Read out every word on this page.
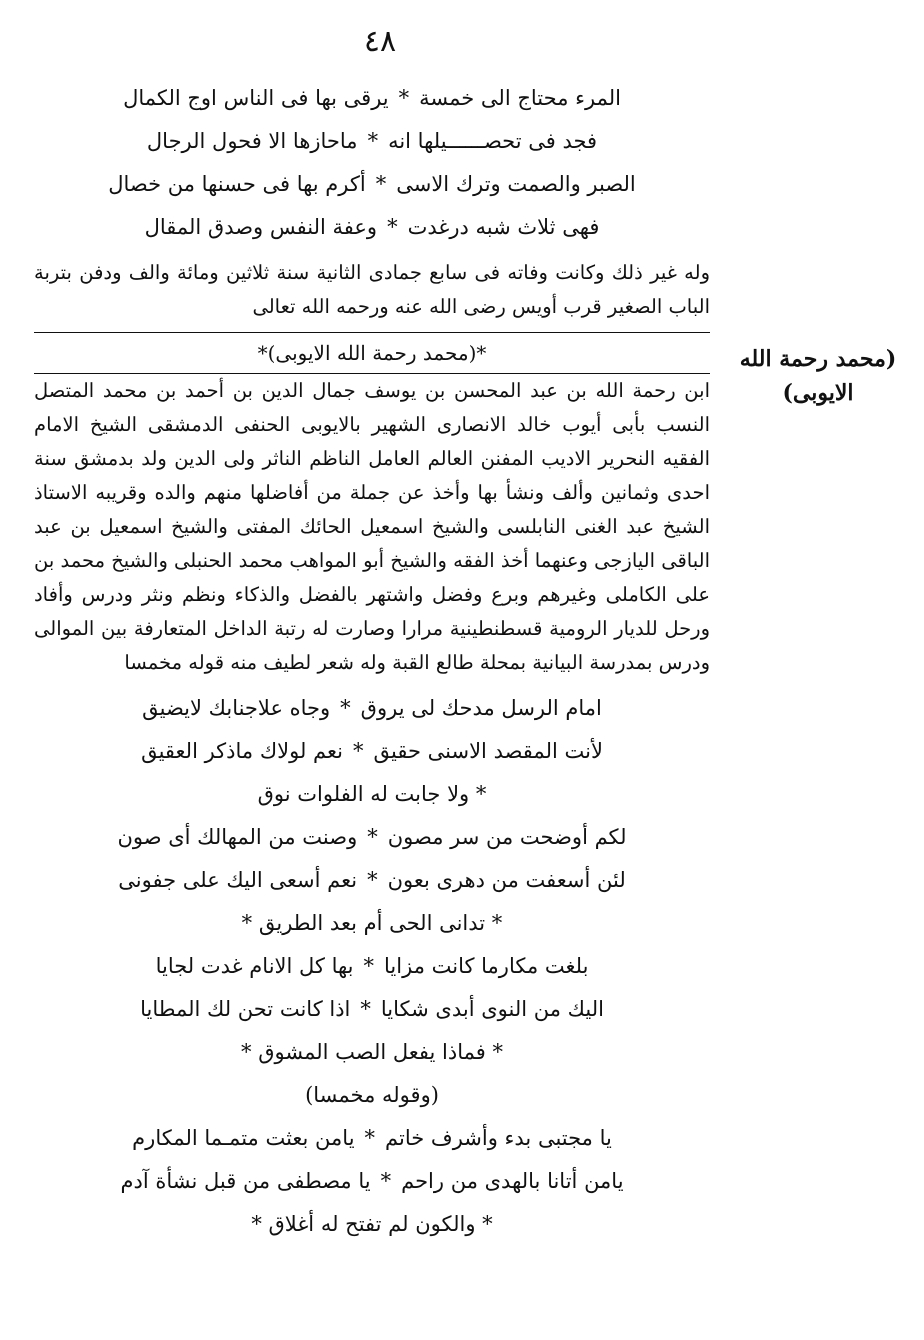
٤٨
المرء محتاج الى خمسة
*
يرقى بها فى الناس اوج الكمال
فجد فى تحصــــــيلها انه
*
ماحازها الا فحول الرجال
الصبر والصمت وترك الاسى
*
أكرم بها فى حسنها من خصال
فهى ثلاث شبه درغدت
*
وعفة النفس وصدق المقال

وله غير ذلك وكانت وفاته فى سابع جمادى الثانية سنة ثلاثين ومائة والف ودفن بتربة الباب الصغير قرب أويس رضى الله عنه ورحمه الله تعالى

*(محمد رحمة الله الايوبى)*

ابن رحمة الله بن عبد المحسن بن يوسف جمال الدين بن أحمد بن محمد المتصل النسب بأبى أيوب خالد الانصارى الشهير بالايوبى الحنفى الدمشقى الشيخ الامام الفقيه النحرير الاديب المفنن العالم العامل الناظم الناثر ولى الدين ولد بدمشق سنة احدى وثمانين وألف ونشأ بها وأخذ عن جملة من أفاضلها منهم والده وقريبه الاستاذ الشيخ عبد الغنى النابلسى والشيخ اسمعيل الحائك المفتى والشيخ اسمعيل بن عبد الباقى اليازجى وعنهما أخذ الفقه والشيخ أبو المواهب محمد الحنبلى والشيخ محمد بن على الكاملى وغيرهم وبرع وفضل واشتهر بالفضل والذكاء ونظم ونثر ودرس وأفاد ورحل للديار الرومية قسطنطينية مرارا وصارت له رتبة الداخل المتعارفة بين الموالى ودرس بمدرسة البيانية بمحلة طالع القبة وله شعر لطيف منه قوله مخمسا

امام الرسل مدحك لى يروق
*
وجاه علاجنابك لايضيق
لأنت المقصد الاسنى حقيق
*
نعم لولاك ماذكر العقيق
* ولا جابت له الفلوات نوق
لكم أوضحت من سر مصون
*
وصنت من المهالك أى صون
لئن أسعفت من دهرى بعون
*
نعم أسعى اليك على جفونى
* تدانى الحى أم بعد الطريق *
بلغت مكارما كانت مزايا
*
بها كل الانام غدت لجايا
اليك من النوى أبدى شكايا
*
اذا كانت تحن لك المطايا
* فماذا يفعل الصب المشوق *
(وقوله مخمسا)
يا مجتبى بدء وأشرف خاتم
*
يامن بعثت متمـما المكارم
يامن أتانا بالهدى من راحم
*
يا مصطفى من قبل نشأة آدم
* والكون لم تفتح له أغلاق *
(محمد رحمة الله
الايوبى)
